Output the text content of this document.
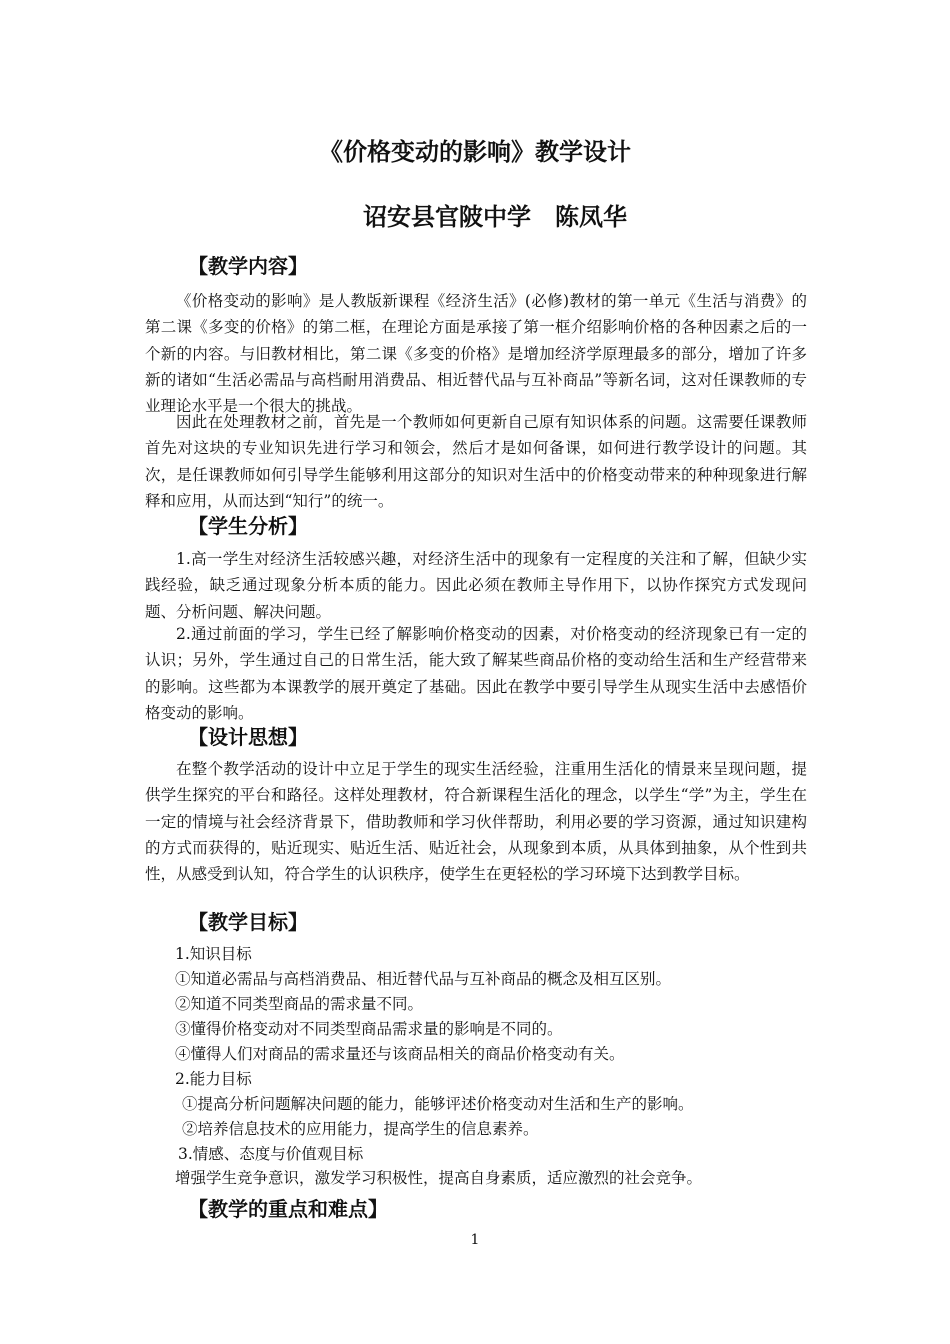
《价格变动的影响》教学设计
诏安县官陂中学　陈凤华
【教学内容】

《价格变动的影响》是人教版新课程《经济生活》(必修)教材的第一单元《生活与消费》的第二课《多变的价格》的第二框，在理论方面是承接了第一框介绍影响价格的各种因素之后的一个新的内容。与旧教材相比，第二课《多变的价格》是增加经济学原理最多的部分，增加了许多新的诸如“生活必需品与高档耐用消费品、相近替代品与互补商品”等新名词，这对任课教师的专业理论水平是一个很大的挑战。

因此在处理教材之前，首先是一个教师如何更新自己原有知识体系的问题。这需要任课教师首先对这块的专业知识先进行学习和领会，然后才是如何备课，如何进行教学设计的问题。其次，是任课教师如何引导学生能够利用这部分的知识对生活中的价格变动带来的种种现象进行解释和应用，从而达到“知行”的统一。

【学生分析】

1.高一学生对经济生活较感兴趣，对经济生活中的现象有一定程度的关注和了解，但缺少实践经验，缺乏通过现象分析本质的能力。因此必须在教师主导作用下，以协作探究方式发现问题、分析问题、解决问题。

2.通过前面的学习，学生已经了解影响价格变动的因素，对价格变动的经济现象已有一定的认识；另外，学生通过自己的日常生活，能大致了解某些商品价格的变动给生活和生产经营带来的影响。这些都为本课教学的展开奠定了基础。因此在教学中要引导学生从现实生活中去感悟价格变动的影响。

【设计思想】

在整个教学活动的设计中立足于学生的现实生活经验，注重用生活化的情景来呈现问题，提供学生探究的平台和路径。这样处理教材，符合新课程生活化的理念，以学生“学”为主，学生在一定的情境与社会经济背景下，借助教师和学习伙伴帮助，利用必要的学习资源，通过知识建构的方式而获得的，贴近现实、贴近生活、贴近社会，从现象到本质，从具体到抽象，从个性到共性，从感受到认知，符合学生的认识秩序，使学生在更轻松的学习环境下达到教学目标。

【教学目标】
1.知识目标
①知道必需品与高档消费品、相近替代品与互补商品的概念及相互区别。
②知道不同类型商品的需求量不同。
③懂得价格变动对不同类型商品需求量的影响是不同的。
④懂得人们对商品的需求量还与该商品相关的商品价格变动有关。
2.能力目标
①提高分析问题解决问题的能力，能够评述价格变动对生活和生产的影响。
②培养信息技术的应用能力，提高学生的信息素养。
3.情感、态度与价值观目标
增强学生竞争意识，激发学习积极性，提高自身素质，适应激烈的社会竞争。
【教学的重点和难点】
1
